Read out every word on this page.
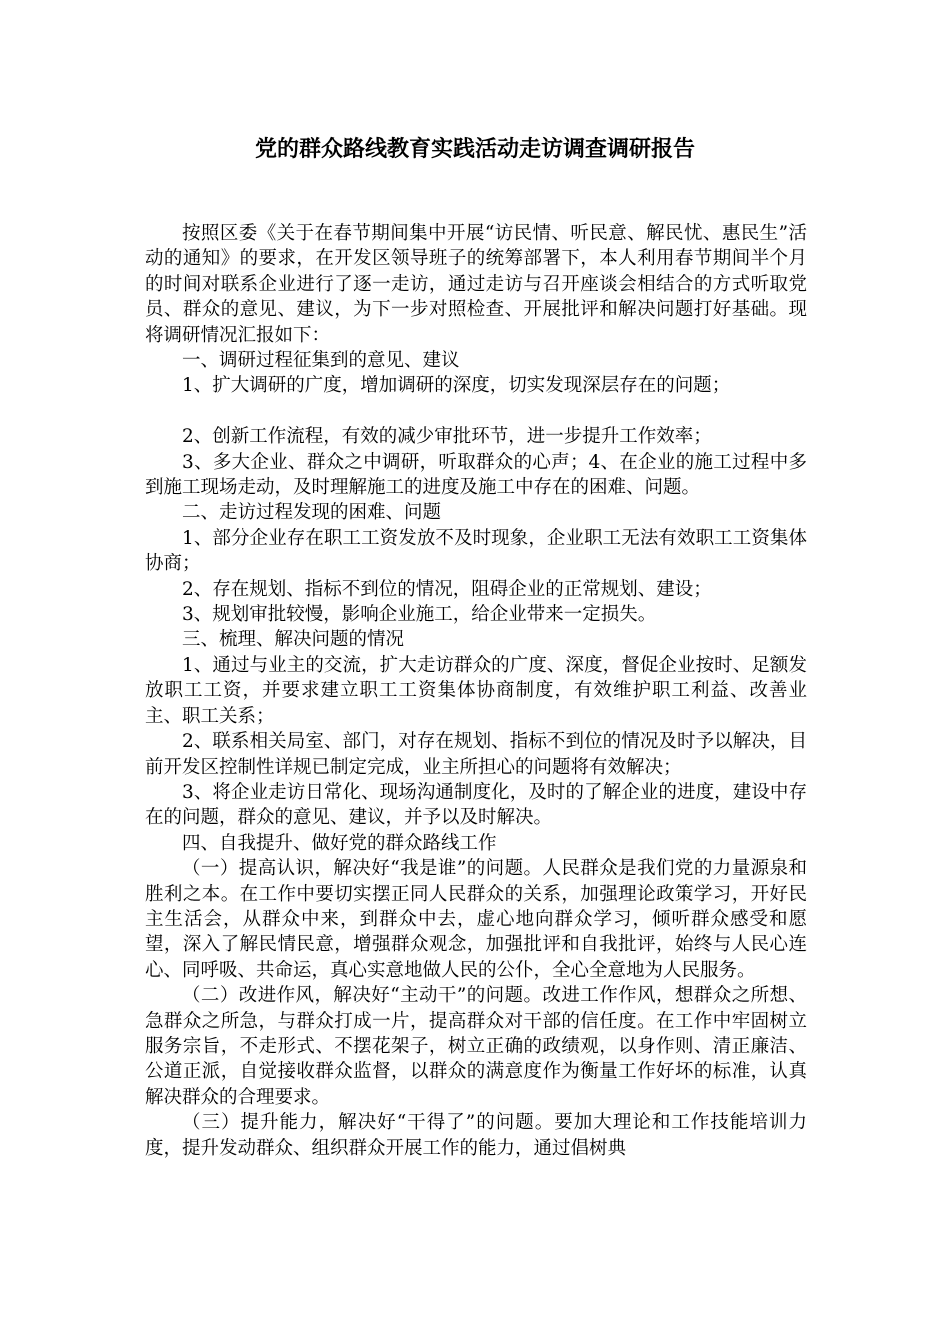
党的群众路线教育实践活动走访调查调研报告

按照区委《关于在春节期间集中开展“访民情、听民意、解民忧、惠民生”活动的通知》的要求，在开发区领导班子的统筹部署下，本人利用春节期间半个月的时间对联系企业进行了逐一走访，通过走访与召开座谈会相结合的方式听取党员、群众的意见、建议，为下一步对照检查、开展批评和解决问题打好基础。现将调研情况汇报如下：

一、调研过程征集到的意见、建议

1、扩大调研的广度，增加调研的深度，切实发现深层存在的问题；

2、创新工作流程，有效的减少审批环节，进一步提升工作效率；

3、多大企业、群众之中调研，听取群众的心声；4、在企业的施工过程中多到施工现场走动，及时理解施工的进度及施工中存在的困难、问题。

二、走访过程发现的困难、问题

1、部分企业存在职工工资发放不及时现象，企业职工无法有效职工工资集体协商；

2、存在规划、指标不到位的情况，阻碍企业的正常规划、建设；

3、规划审批较慢，影响企业施工，给企业带来一定损失。

三、梳理、解决问题的情况

1、通过与业主的交流，扩大走访群众的广度、深度，督促企业按时、足额发放职工工资，并要求建立职工工资集体协商制度，有效维护职工利益、改善业主、职工关系；

2、联系相关局室、部门，对存在规划、指标不到位的情况及时予以解决，目前开发区控制性详规已制定完成，业主所担心的问题将有效解决；

3、将企业走访日常化、现场沟通制度化，及时的了解企业的进度，建设中存在的问题，群众的意见、建议，并予以及时解决。

四、自我提升、做好党的群众路线工作

（一）提高认识，解决好“我是谁”的问题。人民群众是我们党的力量源泉和胜利之本。在工作中要切实摆正同人民群众的关系，加强理论政策学习，开好民主生活会，从群众中来，到群众中去，虚心地向群众学习，倾听群众感受和愿望，深入了解民情民意，增强群众观念，加强批评和自我批评，始终与人民心连心、同呼吸、共命运，真心实意地做人民的公仆，全心全意地为人民服务。

（二）改进作风，解决好“主动干”的问题。改进工作作风，想群众之所想、急群众之所急，与群众打成一片，提高群众对干部的信任度。在工作中牢固树立服务宗旨，不走形式、不摆花架子，树立正确的政绩观，以身作则、清正廉洁、公道正派，自觉接收群众监督，以群众的满意度作为衡量工作好坏的标准，认真解决群众的合理要求。

（三）提升能力，解决好“干得了”的问题。要加大理论和工作技能培训力度，提升发动群众、组织群众开展工作的能力，通过倡树典
